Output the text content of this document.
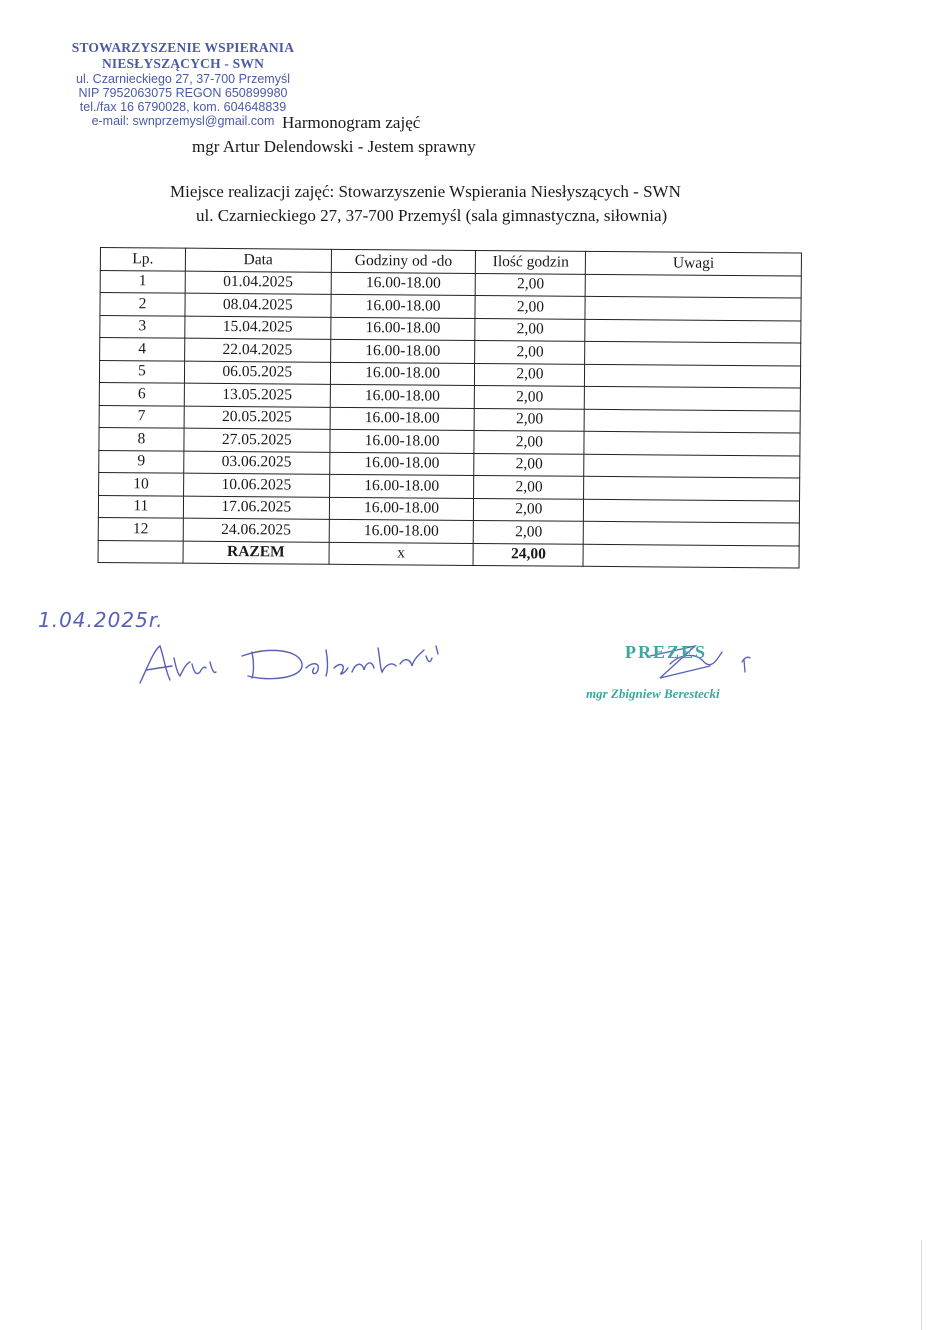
STOWARZYSZENIE WSPIERANIA
NIESŁYSZĄCYCH - SWN
ul. Czarnieckiego 27, 37-700 Przemyśl
NIP 7952063075 REGON 650899980
tel./fax 16 6790028, kom. 604648839
e-mail: swnprzemysl@gmail.com Harmonogram zajęć
mgr Artur Delendowski - Jestem sprawny
Miejsce realizacji zajęć: Stowarzyszenie Wspierania Niesłyszących - SWN
ul. Czarnieckiego 27, 37-700 Przemyśl (sala gimnastyczna, siłownia)
Lp.	Data	Godziny od -do	Ilość godzin	Uwagi
1	01.04.2025	16.00-18.00	2,00	
2	08.04.2025	16.00-18.00	2,00	
3	15.04.2025	16.00-18.00	2,00	
4	22.04.2025	16.00-18.00	2,00	
5	06.05.2025	16.00-18.00	2,00	
6	13.05.2025	16.00-18.00	2,00	
7	20.05.2025	16.00-18.00	2,00	
8	27.05.2025	16.00-18.00	2,00	
9	03.06.2025	16.00-18.00	2,00	
10	10.06.2025	16.00-18.00	2,00	
11	17.06.2025	16.00-18.00	2,00	
12	24.06.2025	16.00-18.00	2,00	
	RAZEM	x	24,00	
1.04.2025r.
PREZES
mgr Zbigniew Berestecki
